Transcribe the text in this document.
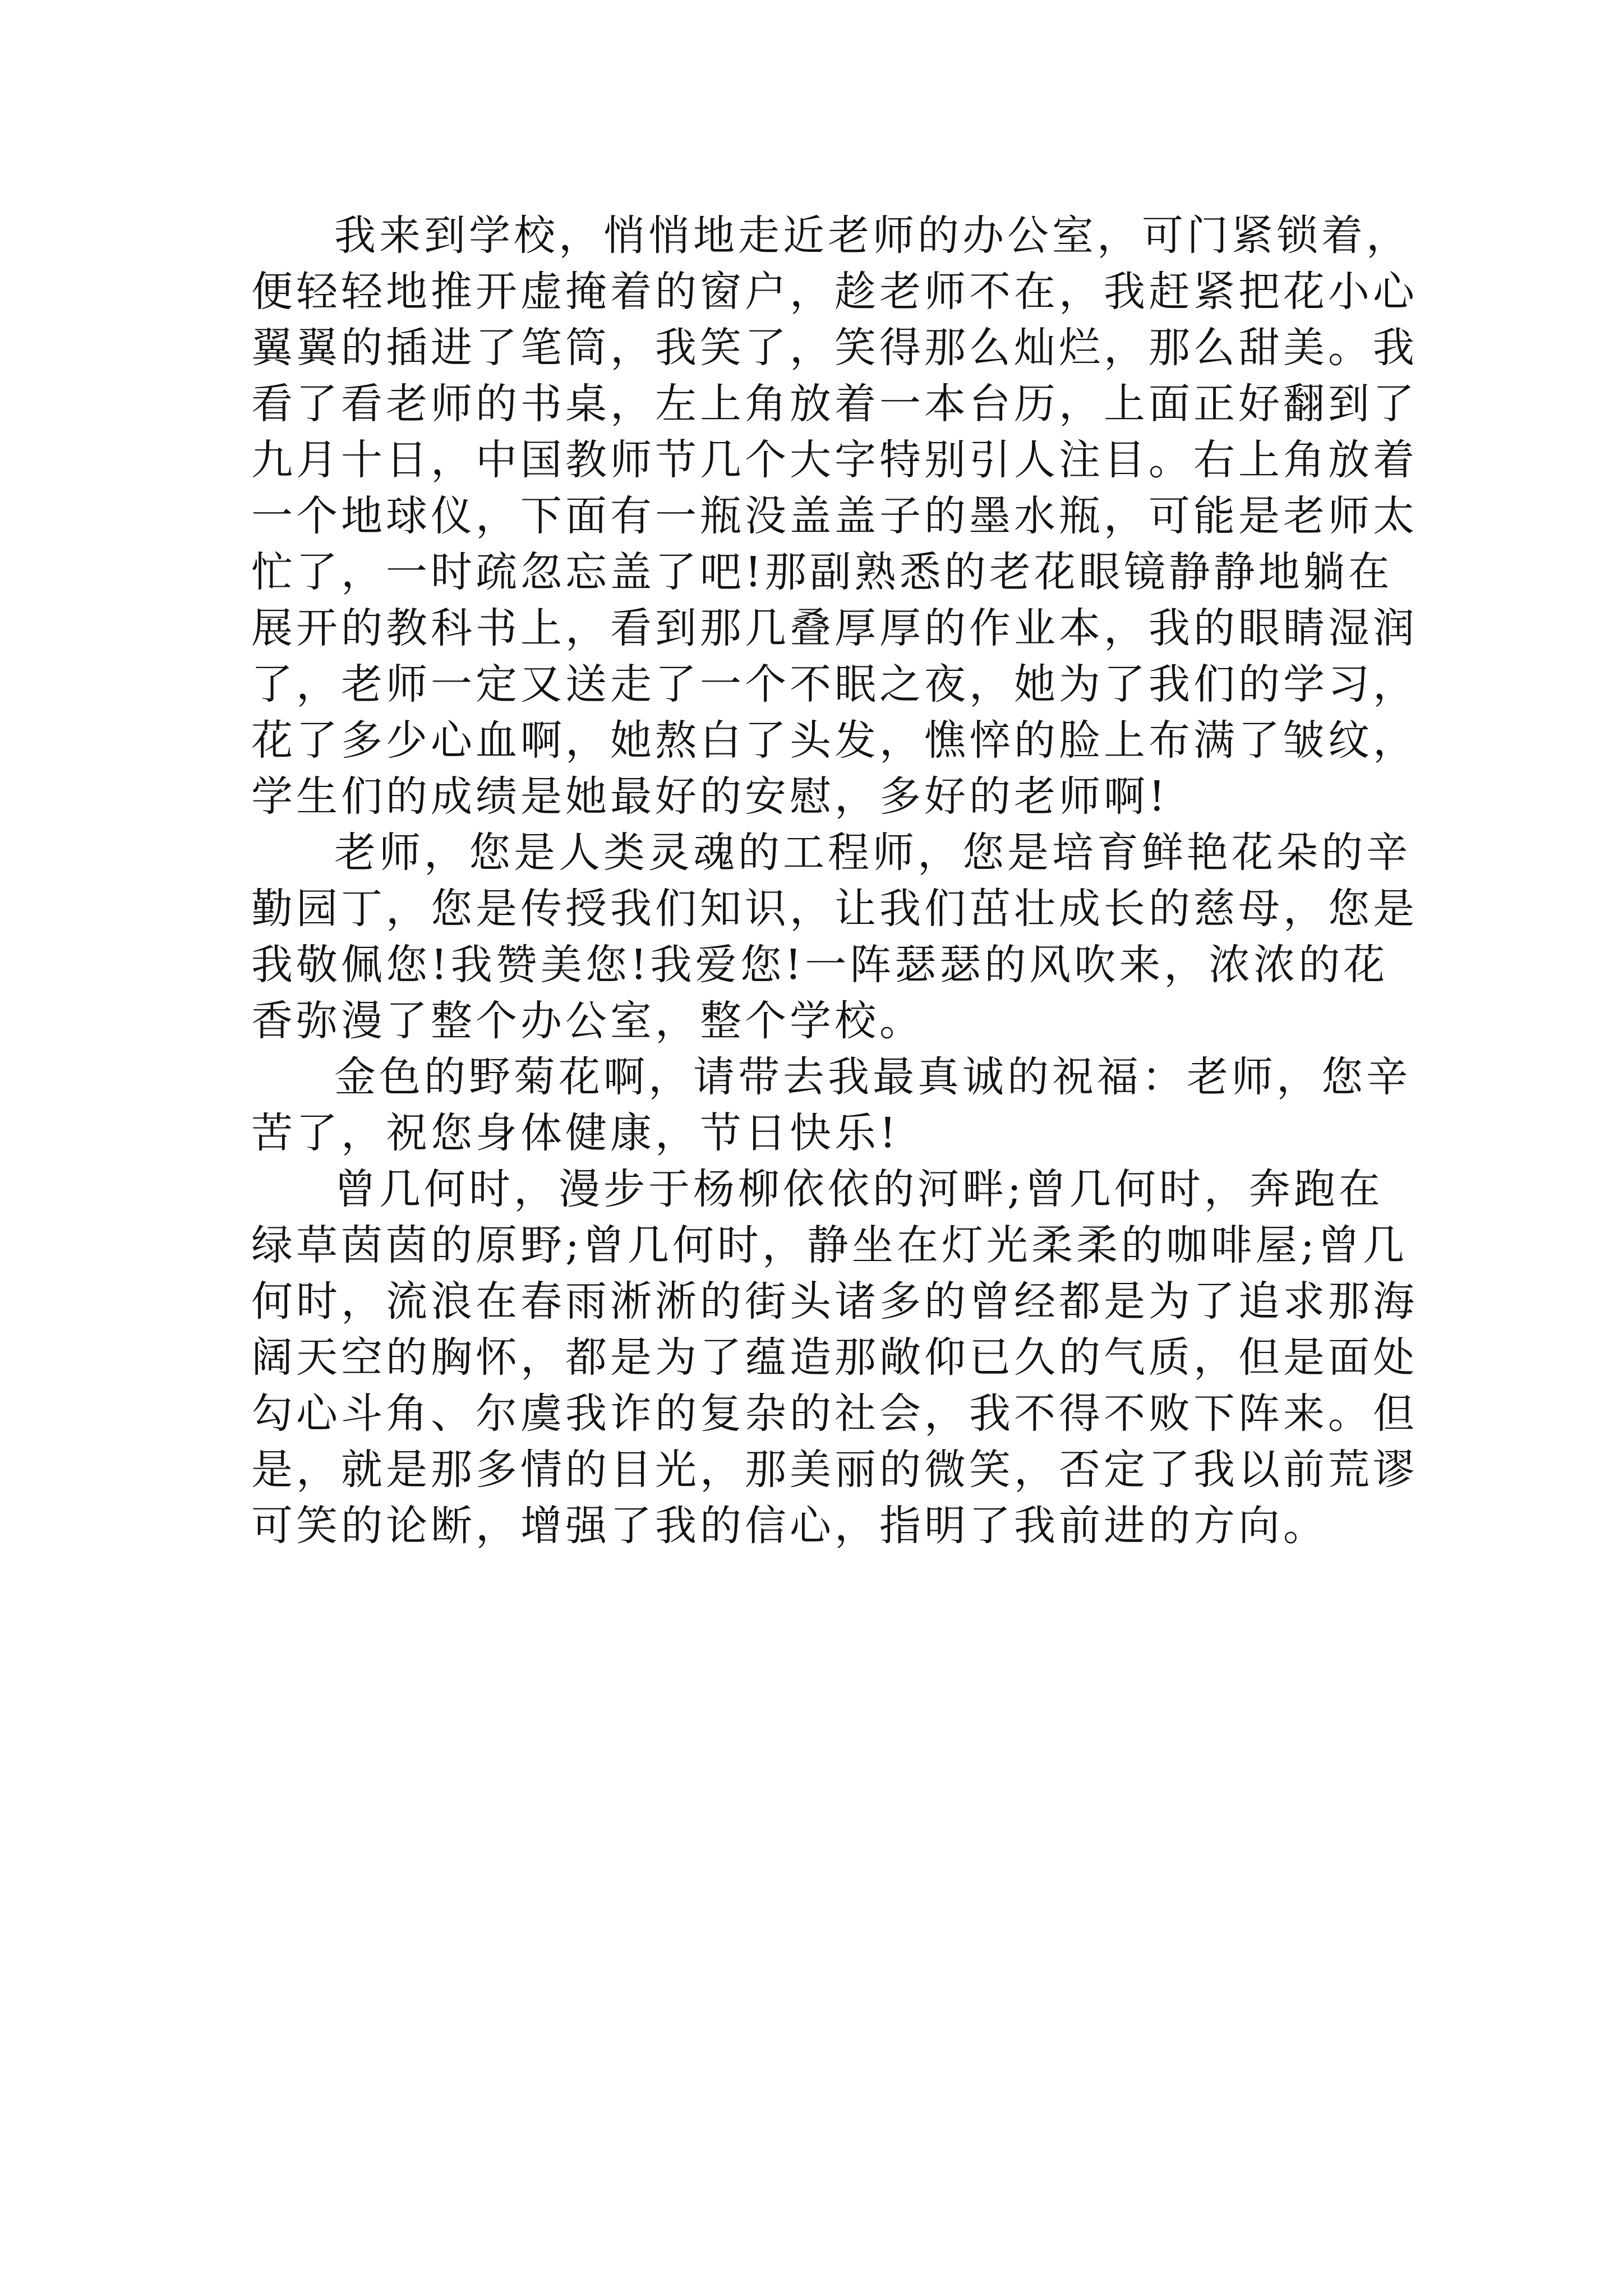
我来到学校，悄悄地走近老师的办公室，可门紧锁着，
便轻轻地推开虚掩着的窗户，趁老师不在，我赶紧把花小心
翼翼的插进了笔筒，我笑了，笑得那么灿烂，那么甜美。我
看了看老师的书桌，左上角放着一本台历，上面正好翻到了
九月十日，中国教师节几个大字特别引人注目。右上角放着
一个地球仪，下面有一瓶没盖盖子的墨水瓶，可能是老师太
忙了，一时疏忽忘盖了吧!那副熟悉的老花眼镜静静地躺在
展开的教科书上，看到那几叠厚厚的作业本，我的眼睛湿润
了，老师一定又送走了一个不眠之夜，她为了我们的学习，
花了多少心血啊，她熬白了头发，憔悴的脸上布满了皱纹，
学生们的成绩是她最好的安慰，多好的老师啊!
老师，您是人类灵魂的工程师，您是培育鲜艳花朵的辛
勤园丁，您是传授我们知识，让我们茁壮成长的慈母，您是
我敬佩您!我赞美您!我爱您!一阵瑟瑟的风吹来，浓浓的花
香弥漫了整个办公室，整个学校。
金色的野菊花啊，请带去我最真诚的祝福：老师，您辛
苦了，祝您身体健康，节日快乐!
曾几何时，漫步于杨柳依依的河畔;曾几何时，奔跑在
绿草茵茵的原野;曾几何时，静坐在灯光柔柔的咖啡屋;曾几
何时，流浪在春雨淅淅的街头诸多的曾经都是为了追求那海
阔天空的胸怀，都是为了蕴造那敞仰已久的气质，但是面处
勾心斗角、尔虞我诈的复杂的社会，我不得不败下阵来。但
是，就是那多情的目光，那美丽的微笑，否定了我以前荒谬
可笑的论断，增强了我的信心，指明了我前进的方向。
